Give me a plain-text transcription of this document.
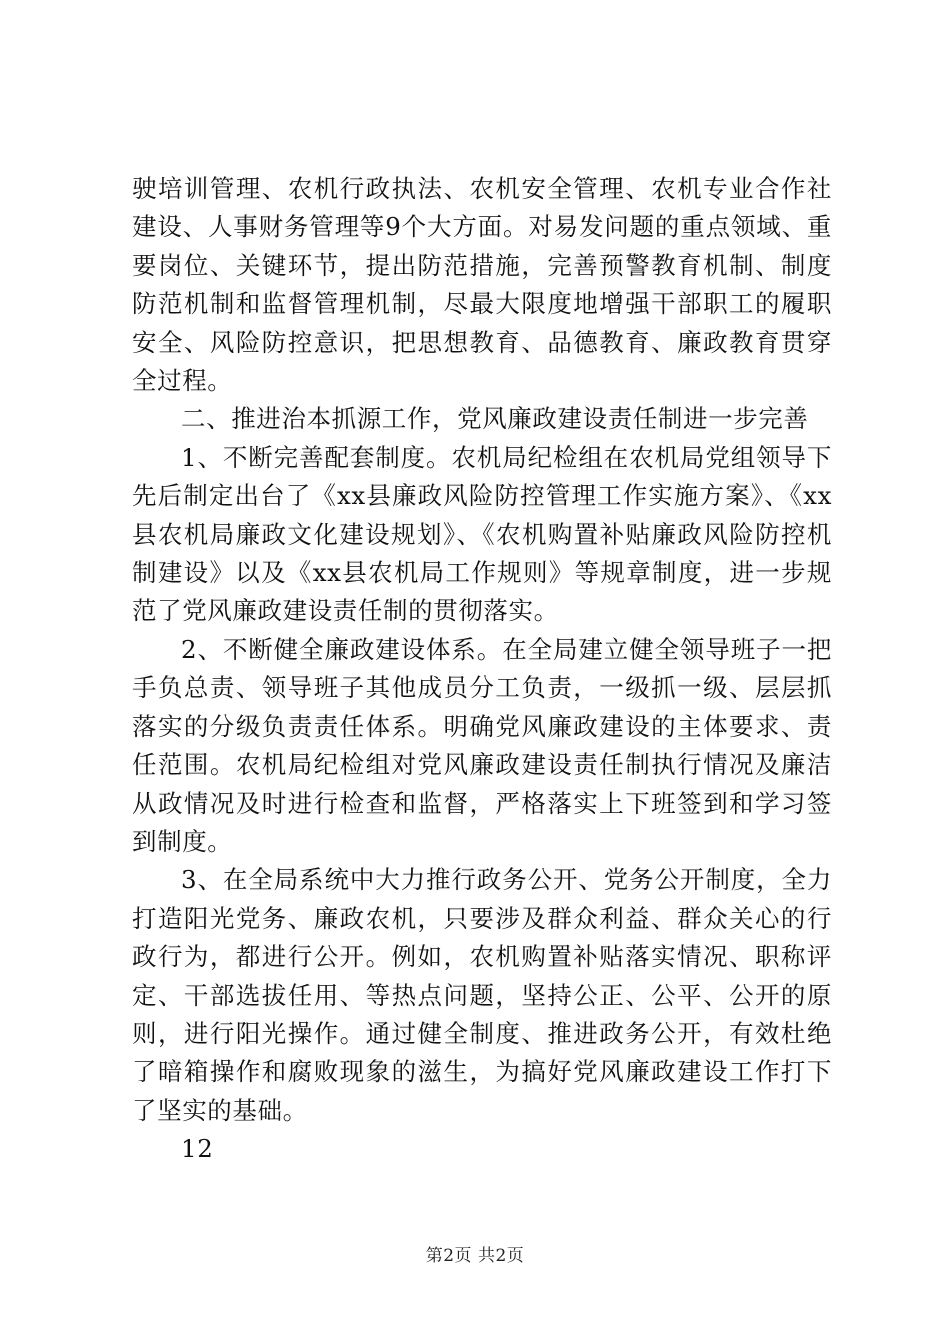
驶培训管理、农机行政执法、农机安全管理、农机专业合作社建设、人事财务管理等9个大方面。对易发问题的重点领域、重要岗位、关键环节，提出防范措施，完善预警教育机制、制度防范机制和监督管理机制，尽最大限度地增强干部职工的履职安全、风险防控意识，把思想教育、品德教育、廉政教育贯穿全过程。

二、推进治本抓源工作，党风廉政建设责任制进一步完善

1、不断完善配套制度。农机局纪检组在农机局党组领导下先后制定出台了《xx县廉政风险防控管理工作实施方案》、《xx县农机局廉政文化建设规划》、《农机购置补贴廉政风险防控机制建设》以及《xx县农机局工作规则》等规章制度，进一步规范了党风廉政建设责任制的贯彻落实。

2、不断健全廉政建设体系。在全局建立健全领导班子一把手负总责、领导班子其他成员分工负责，一级抓一级、层层抓落实的分级负责责任体系。明确党风廉政建设的主体要求、责任范围。农机局纪检组对党风廉政建设责任制执行情况及廉洁从政情况及时进行检查和监督，严格落实上下班签到和学习签到制度。

3、在全局系统中大力推行政务公开、党务公开制度，全力打造阳光党务、廉政农机，只要涉及群众利益、群众关心的行政行为，都进行公开。例如，农机购置补贴落实情况、职称评定、干部选拔任用、等热点问题，坚持公正、公平、公开的原则，进行阳光操作。通过健全制度、推进政务公开，有效杜绝了暗箱操作和腐败现象的滋生，为搞好党风廉政建设工作打下了坚实的基础。

12

第2页 共2页
